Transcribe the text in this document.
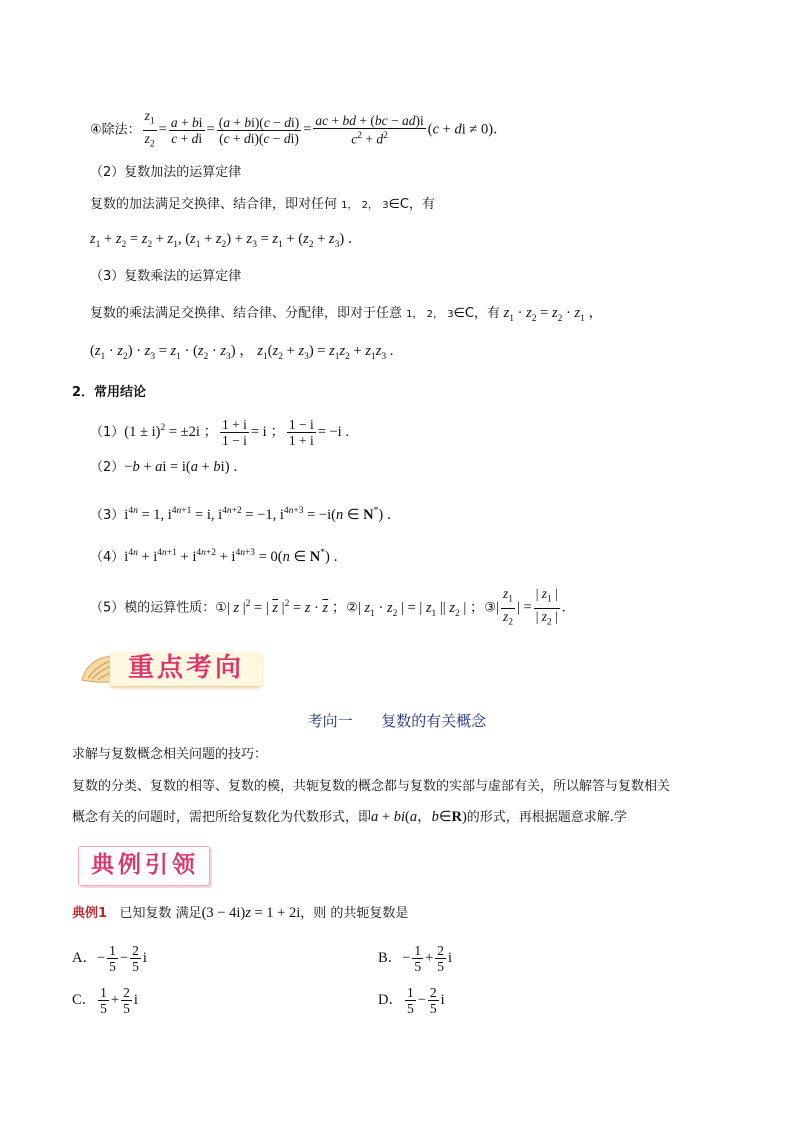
④除法： $\frac{z_1}{z_2} = \frac{a + bi}{c + di} = \frac{(a + bi)(c - di)}{(c + di)(c - di)} = \frac{ac + bd + (bc - ad)i}{c^2 + d^2} (c$ + di ≠ 0)．
（2）复数加法的运算定律
复数的加法满足交换律、结合律，即对任何 1， 2， 3∈C，有
$z_1 + z_2 = z_2 + z_1$, $(z_1 + z_2) + z_3 = z_1 + (z_2 + z_3)$ ．
（3）复数乘法的运算定律
复数的乘法满足交换律、结合律、分配律，即对于任意 1， 2， 3∈C，有 $z_1 \cdot z_2 = z_2 \cdot z_1$ ，
$(z_1 \cdot z_2) \cdot z_3 = z_1 \cdot (z_2 \cdot z_3)$ ， $z_1(z_2 + z_3) = z_1z_2 + z_1z_3$ .
2．常用结论
$(1)(1 \pm i)^2 = \pm 2i$ ； $\frac{1 + i}{1 - i} = i$ ； $\frac{1 - i}{1 + i} = -i$ .
（2）−b + ai = i(a + bi) ．
$(3)i^{4n} = 1$, $i^{4n+1} = i$, $i^{4n+2} = -1$, $i^{4n+3} = -i(n$ ∈ N*) ．
$(4)i^{4n} + i^{4n+1} + i^{4n+2} + i^{4n+3} = 0(n$ ∈ N*) ．
（5）模的运算性质：①| z $|^2$ = | $\overline{z}$ $|^2 = z \cdot \overline{z}$ ；②| $z_1 \cdot z_2$ | = | $z_1$ || $z_2$ | ；③| $\frac{z_1}{z_2}$ | = $\frac{| z_1 |}{| z_2 |}$ .
重点考向
考向一 复数的有关概念
求解与复数概念相关问题的技巧：
复数的分类、复数的相等、复数的模，共轭复数的概念都与复数的实部与虚部有关，所以解答与复数相关
概念有关的问题时，需把所给复数化为代数形式，即a + bi(a，b∈R)的形式，再根据题意求解.学
典例引领
典例1 已知复数 满足(3 − 4i)z = 1 + 2i，则 的共轭复数是
A．− $\frac{1}{5} - \frac{2}{5}$ i	B．− $\frac{1}{5} + \frac{2}{5}$ i
C． $\frac{1}{5} + \frac{2}{5}$ i	D． $\frac{1}{5} - \frac{2}{5}$ i
